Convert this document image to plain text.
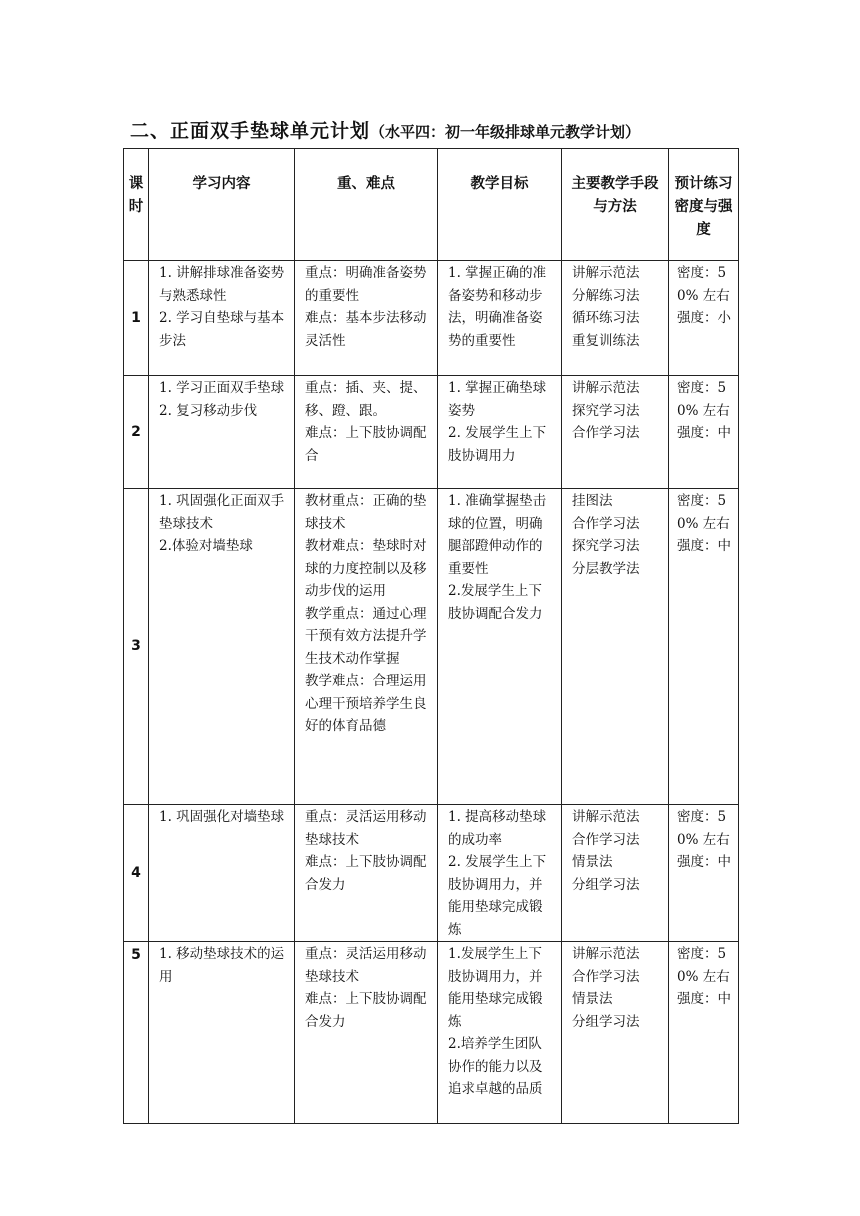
二、正面双手垫球单元计划（水平四：初一年级排球单元教学计划）
课时	学习内容	重、难点	教学目标	主要教学手段与方法	预计练习密度与强度
1	1. 讲解排球准备姿势与熟悉球性
2. 学习自垫球与基本步法	重点：明确准备姿势的重要性
难点：基本步法移动灵活性	1. 掌握正确的准备姿势和移动步法，明确准备姿势的重要性	讲解示范法
分解练习法
循环练习法
重复训练法	密度：50% 左右
强度：小
2	1. 学习正面双手垫球
2. 复习移动步伐	重点：插、夹、提、移、蹬、跟。
难点：上下肢协调配合	1. 掌握正确垫球姿势
2. 发展学生上下肢协调用力	讲解示范法
探究学习法
合作学习法	密度：50% 左右
强度：中
3	1. 巩固强化正面双手垫球技术
2.体验对墙垫球	教材重点：正确的垫球技术
教材难点：垫球时对球的力度控制以及移动步伐的运用
教学重点：通过心理干预有效方法提升学生技术动作掌握
教学难点：合理运用心理干预培养学生良好的体育品德	1. 准确掌握垫击球的位置，明确腿部蹬伸动作的重要性
2.发展学生上下肢协调配合发力	挂图法
合作学习法
探究学习法
分层教学法	密度：50% 左右
强度：中
4	1. 巩固强化对墙垫球	重点：灵活运用移动垫球技术
难点：上下肢协调配合发力	1. 提高移动垫球的成功率
2. 发展学生上下肢协调用力，并能用垫球完成锻炼	讲解示范法
合作学习法
情景法
分组学习法	密度：50% 左右
强度：中
5	1. 移动垫球技术的运用	重点：灵活运用移动垫球技术
难点：上下肢协调配合发力	1.发展学生上下肢协调用力，并能用垫球完成锻炼
2.培养学生团队协作的能力以及追求卓越的品质	讲解示范法
合作学习法
情景法
分组学习法	密度：50% 左右
强度：中
